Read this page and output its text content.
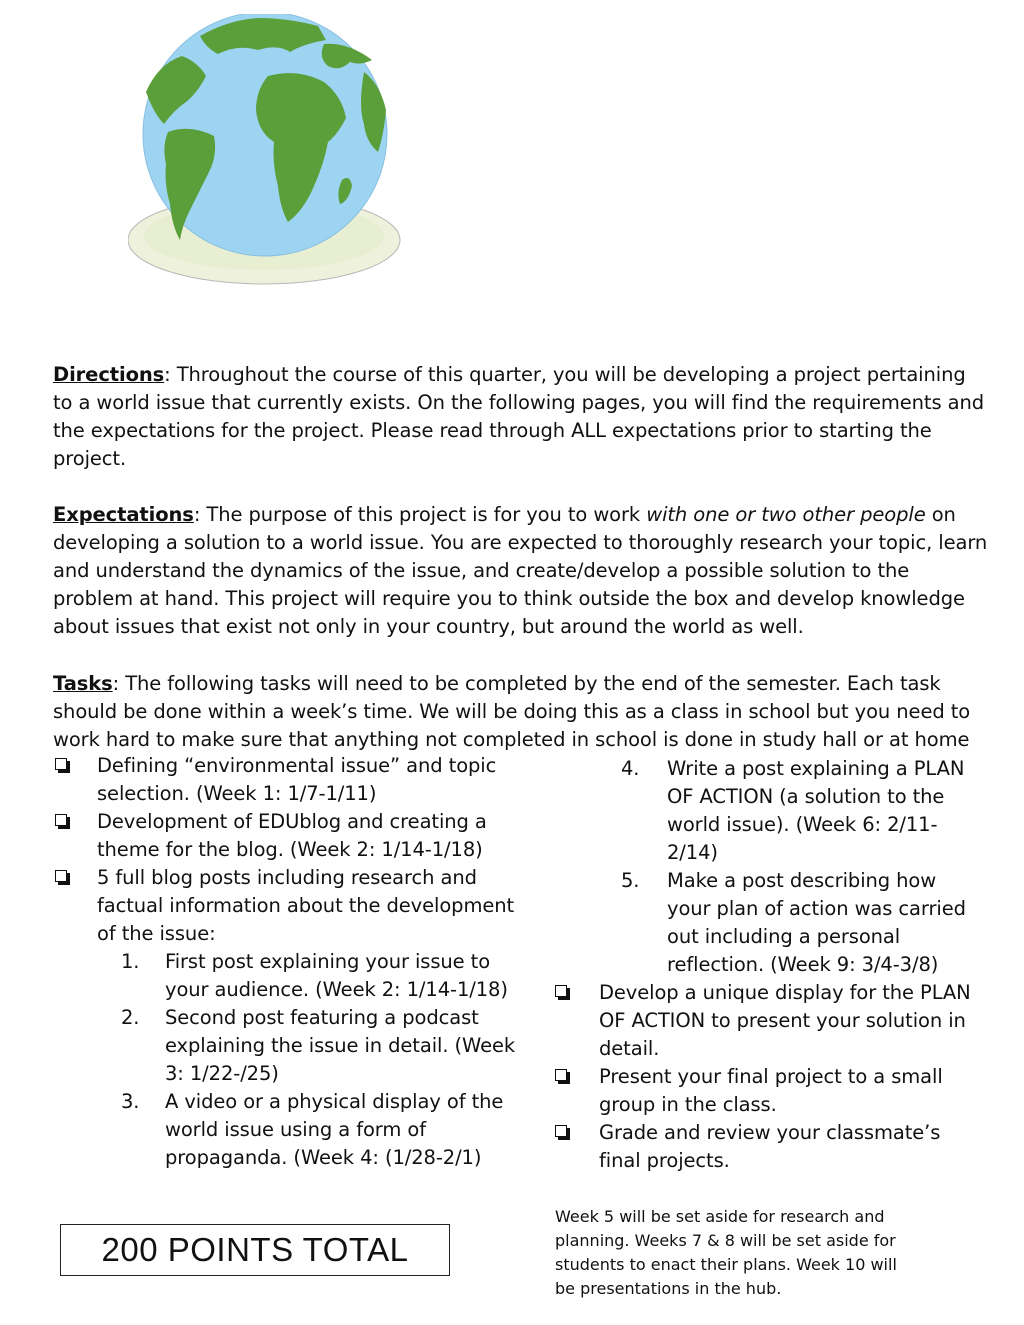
Directions: Throughout the course of this quarter, you will be developing a project pertaining to a world issue that currently exists. On the following pages, you will find the requirements and the expectations for the project. Please read through ALL expectations prior to starting the project.

Expectations: The purpose of this project is for you to work with one or two other people on developing a solution to a world issue. You are expected to thoroughly research your topic, learn and understand the dynamics of the issue, and create/develop a possible solution to the problem at hand. This project will require you to think outside the box and develop knowledge about issues that exist not only in your country, but around the world as well.

Tasks: The following tasks will need to be completed by the end of the semester. Each task should be done within a week’s time. We will be doing this as a class in school but you need to work hard to make sure that anything not completed in school is done in study hall or at home

Defining “environmental issue” and topic selection. (Week 1: 1/7-1/11)
Development of EDUblog and creating a theme for the blog. (Week 2: 1/14-1/18)
5 full blog posts including research and factual information about the development of the issue:
1. First post explaining your issue to your audience. (Week 2: 1/14-1/18)
2. Second post featuring a podcast explaining the issue in detail. (Week 3: 1/22-/25)
3. A video or a physical display of the world issue using a form of propaganda. (Week 4: (1/28-2/1)
4. Write a post explaining a PLAN OF ACTION (a solution to the world issue). (Week 6: 2/11-2/14)
5. Make a post describing how your plan of action was carried out including a personal reflection. (Week 9: 3/4-3/8)
Develop a unique display for the PLAN OF ACTION to present your solution in detail.
Present your final project to a small group in the class.
Grade and review your classmate’s final projects.
Week 5 will be set aside for research and planning. Weeks 7 & 8 will be set aside for students to enact their plans. Week 10 will be presentations in the hub.
200 POINTS TOTAL
